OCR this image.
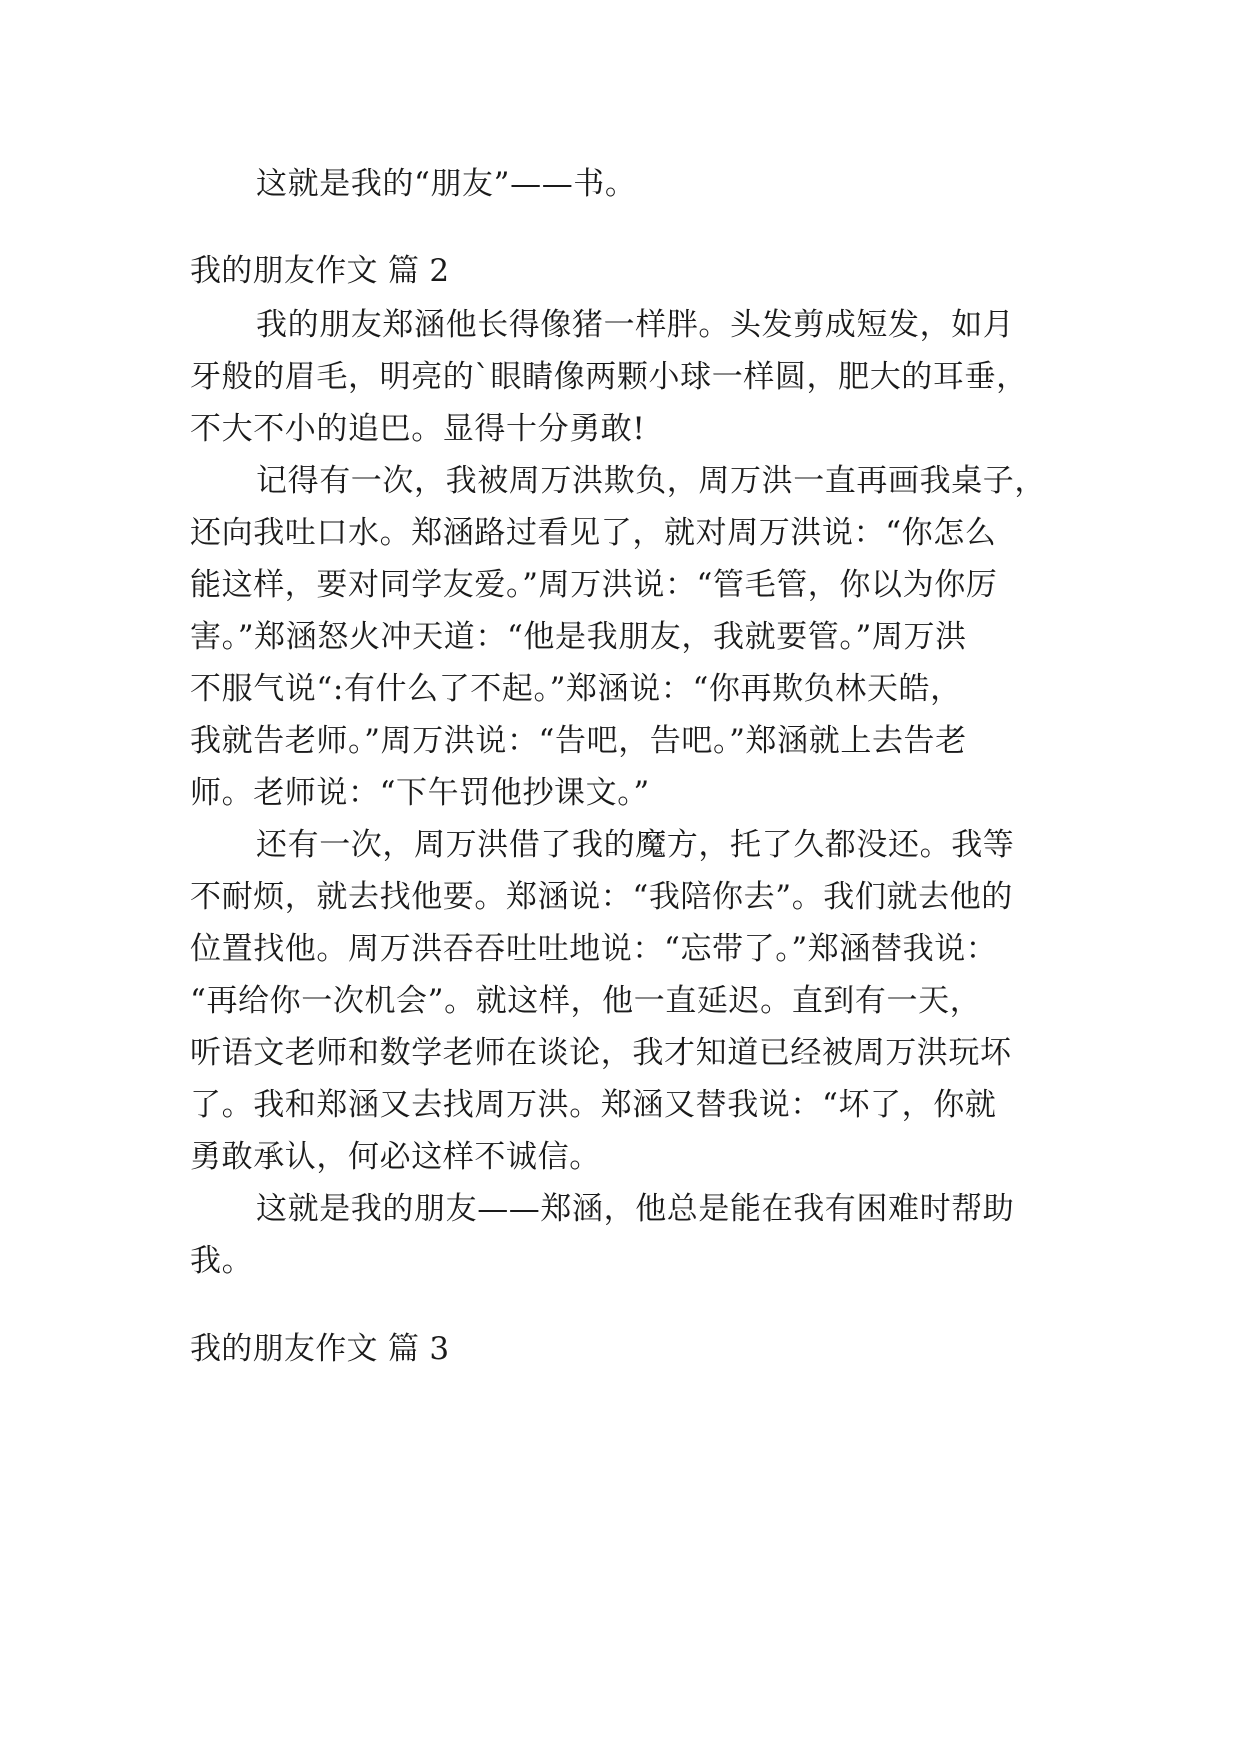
这就是我的“朋友”——书。
我的朋友作文 篇 2
我的朋友郑涵他长得像猪一样胖。头发剪成短发，如月
牙般的眉毛，明亮的`眼睛像两颗小球一样圆，肥大的耳垂，
不大不小的追巴。显得十分勇敢!
记得有一次，我被周万洪欺负，周万洪一直再画我桌子，
还向我吐口水。郑涵路过看见了，就对周万洪说：“你怎么
能这样，要对同学友爱。”周万洪说：“管毛管，你以为你厉
害。”郑涵怒火冲天道：“他是我朋友，我就要管。”周万洪
不服气说“:有什么了不起。”郑涵说：“你再欺负林天皓，
我就告老师。”周万洪说：“告吧，告吧。”郑涵就上去告老
师。老师说：“下午罚他抄课文。”
还有一次，周万洪借了我的魔方，托了久都没还。我等
不耐烦，就去找他要。郑涵说：“我陪你去”。我们就去他的
位置找他。周万洪吞吞吐吐地说：“忘带了。”郑涵替我说：
“再给你一次机会”。就这样，他一直延迟。直到有一天，
听语文老师和数学老师在谈论，我才知道已经被周万洪玩坏
了。我和郑涵又去找周万洪。郑涵又替我说：“坏了，你就
勇敢承认，何必这样不诚信。
这就是我的朋友——郑涵，他总是能在我有困难时帮助
我。
我的朋友作文 篇 3
